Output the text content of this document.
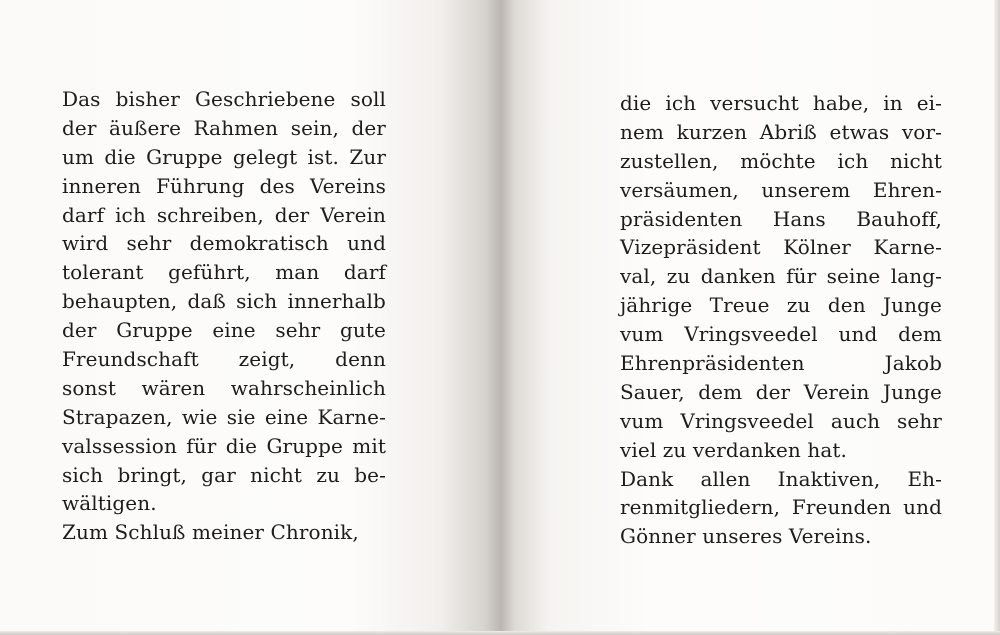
Das bisher Geschriebene soll
der äußere Rahmen sein, der
um die Gruppe gelegt ist. Zur
inneren Führung des Vereins
darf ich schreiben, der Verein
wird sehr demokratisch und
tolerant geführt, man darf
behaupten, daß sich innerhalb
der Gruppe eine sehr gute
Freundschaft zeigt, denn
sonst wären wahrscheinlich
Strapazen, wie sie eine Karne-
valssession für die Gruppe mit
sich bringt, gar nicht zu be-
wältigen.
Zum Schluß meiner Chronik,
die ich versucht habe, in ei-
nem kurzen Abriß etwas vor-
zustellen, möchte ich nicht
versäumen, unserem Ehren-
präsidenten Hans Bauhoff,
Vizepräsident Kölner Karne-
val, zu danken für seine lang-
jährige Treue zu den Junge
vum Vringsveedel und dem
Ehrenpräsidenten	Jakob
Sauer, dem der Verein Junge
vum Vringsveedel auch sehr
viel zu verdanken hat.
Dank allen Inaktiven, Eh-
renmitgliedern, Freunden und
Gönner unseres Vereins.
